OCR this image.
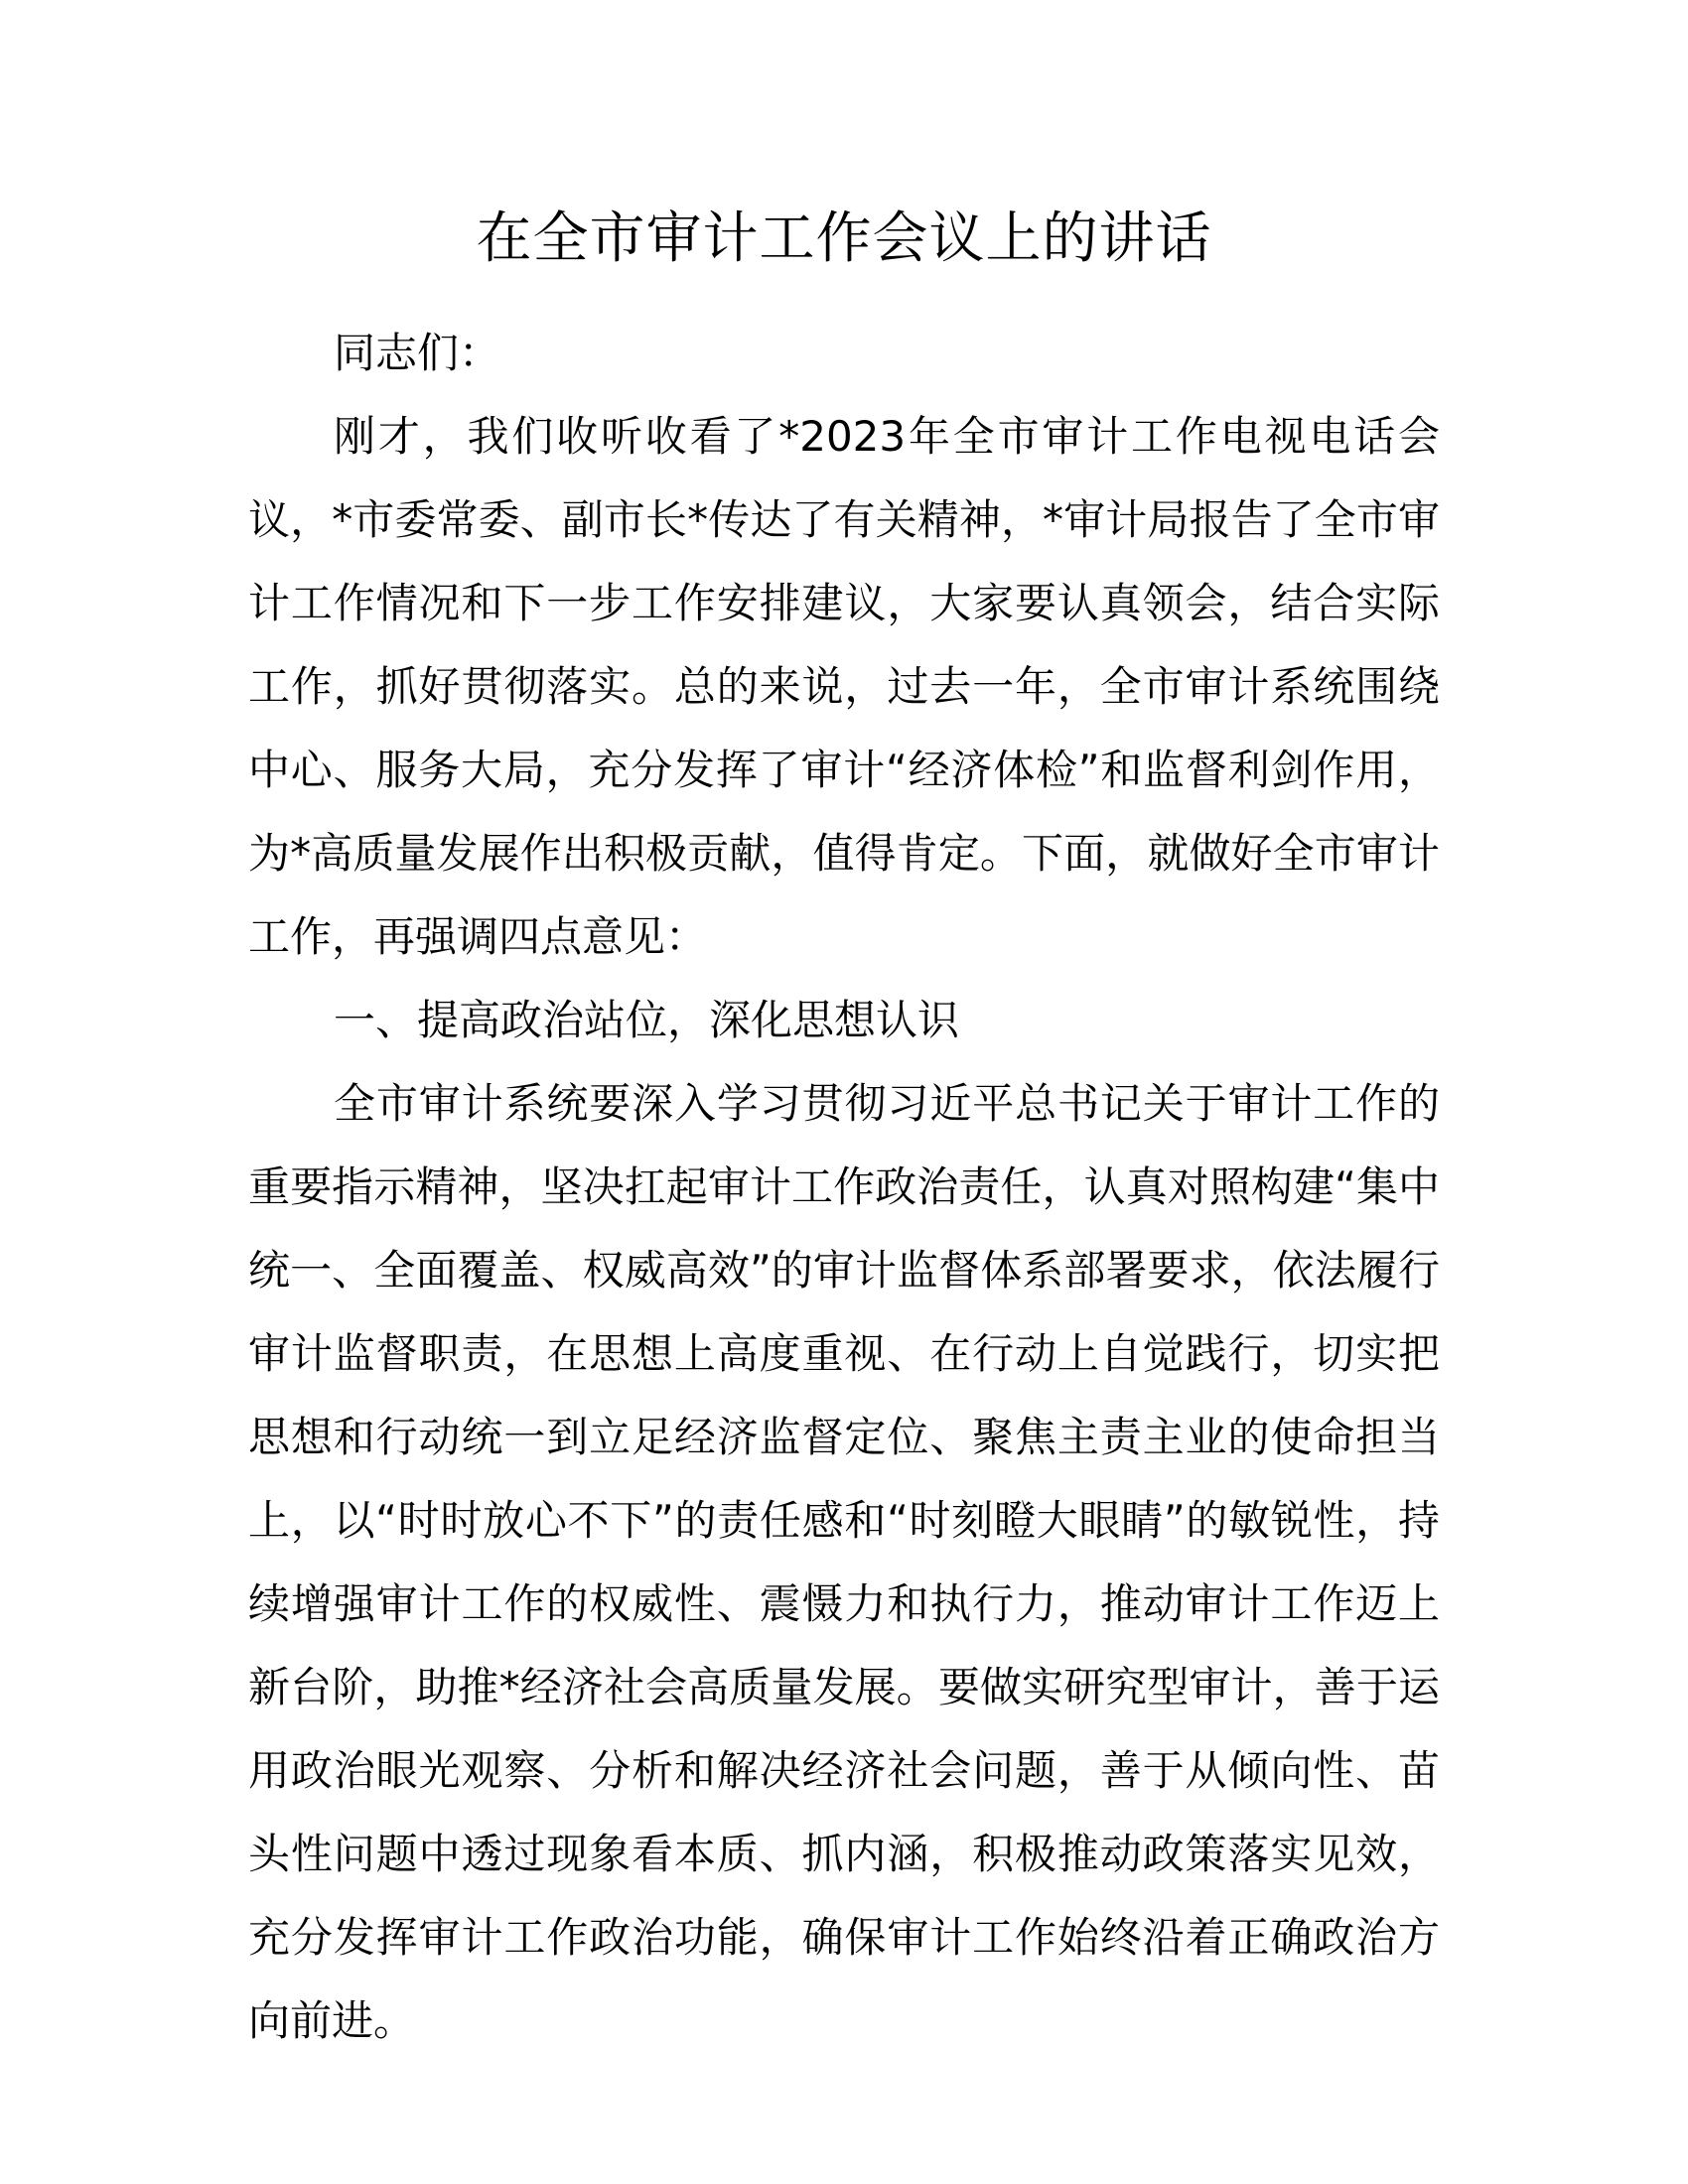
在全市审计工作会议上的讲话

同志们：

刚才，我们收听收看了*2023年全市审计工作电视电话会议，*市委常委、副市长*传达了有关精神，*审计局报告了全市审计工作情况和下一步工作安排建议，大家要认真领会，结合实际工作，抓好贯彻落实。总的来说，过去一年，全市审计系统围绕中心、服务大局，充分发挥了审计“经济体检”和监督利剑作用，为*高质量发展作出积极贡献，值得肯定。下面，就做好全市审计工作，再强调四点意见：

一、提高政治站位，深化思想认识

全市审计系统要深入学习贯彻习近平总书记关于审计工作的重要指示精神，坚决扛起审计工作政治责任，认真对照构建“集中统一、全面覆盖、权威高效”的审计监督体系部署要求，依法履行审计监督职责，在思想上高度重视、在行动上自觉践行，切实把思想和行动统一到立足经济监督定位、聚焦主责主业的使命担当上，以“时时放心不下”的责任感和“时刻瞪大眼睛”的敏锐性，持续增强审计工作的权威性、震慑力和执行力，推动审计工作迈上新台阶，助推*经济社会高质量发展。要做实研究型审计，善于运用政治眼光观察、分析和解决经济社会问题，善于从倾向性、苗头性问题中透过现象看本质、抓内涵，积极推动政策落实见效，充分发挥审计工作政治功能，确保审计工作始终沿着正确政治方向前进。
